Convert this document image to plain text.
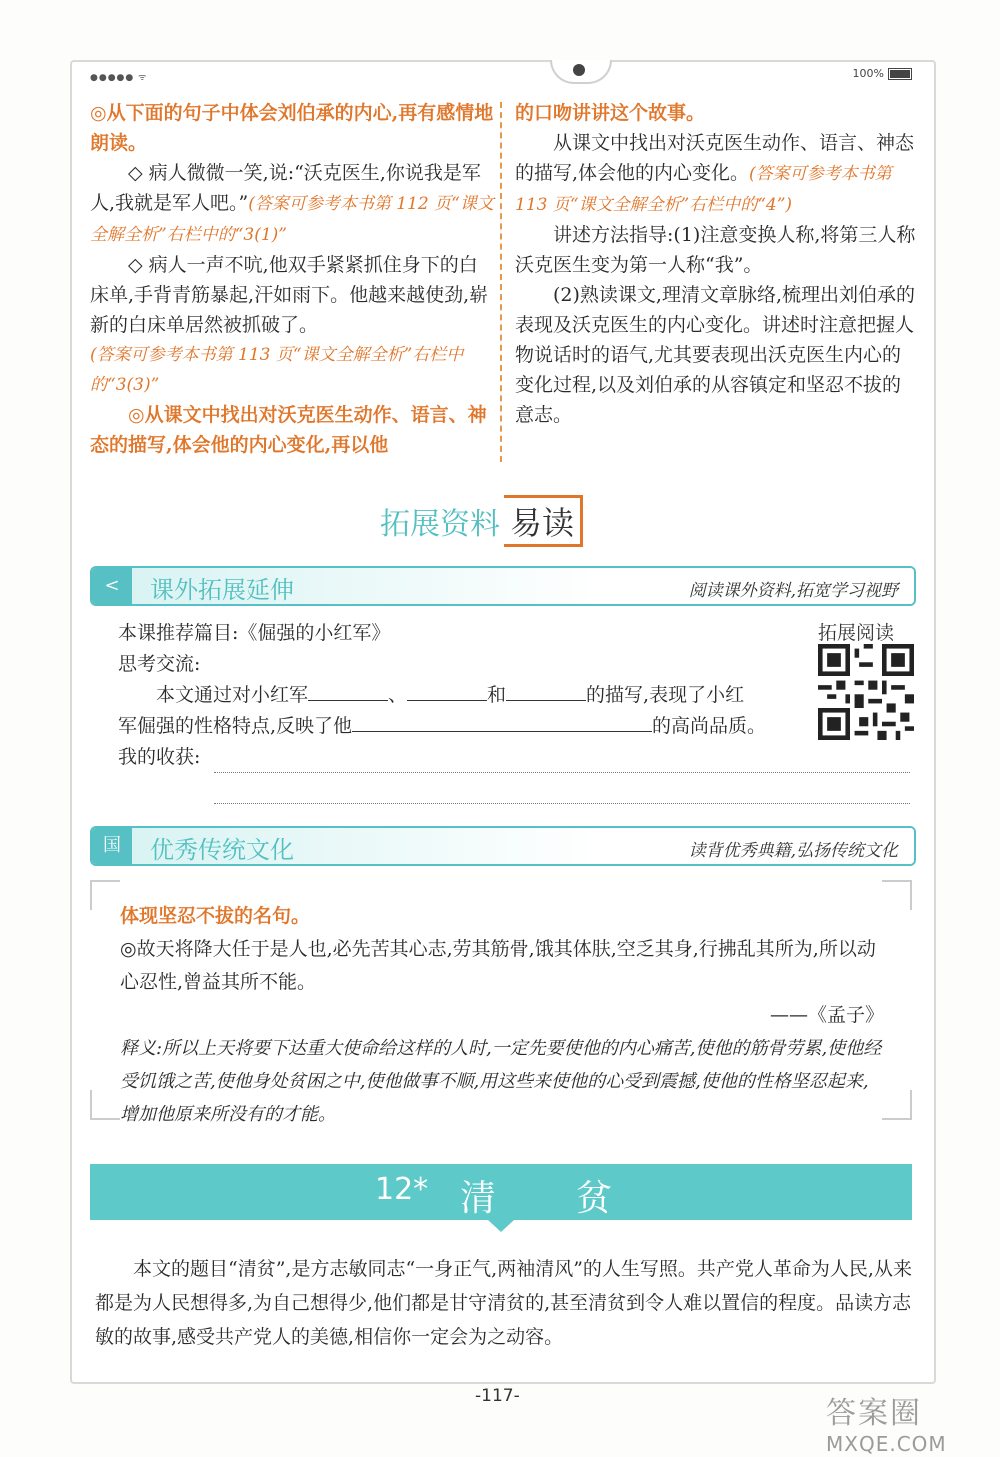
●●●●● ᯤ	100%

◎从下面的句子中体会刘伯承的内心,再有感情地朗读。

◇ 病人微微一笑,说:“沃克医生,你说我是军人,我就是军人吧。”(答案可参考本书第 112 页“课文全解全析”右栏中的“3(1)”

◇ 病人一声不吭,他双手紧紧抓住身下的白床单,手背青筋暴起,汗如雨下。他越来越使劲,崭新的白床单居然被抓破了。

(答案可参考本书第 113 页“课文全解全析”右栏中的“3(3)”

◎从课文中找出对沃克医生动作、语言、神态的描写,体会他的内心变化,再以他

的口吻讲讲这个故事。

从课文中找出对沃克医生动作、语言、神态的描写,体会他的内心变化。(答案可参考本书第 113 页“课文全解全析”右栏中的“4”)

讲述方法指导:(1)注意变换人称,将第三人称沃克医生变为第一人称“我”。

(2)熟读课文,理清文章脉络,梳理出刘伯承的表现及沃克医生的内心变化。讲述时注意把握人物说话时的语气,尤其要表现出沃克医生内心的变化过程,以及刘伯承的从容镇定和坚忍不拔的意志。

拓展资料 易读
<	课外拓展延伸	阅读课外资料,拓宽学习视野
本课推荐篇目:《倔强的小红军》
思考交流:
本文通过对小红军	、	和	的描写,表现了小红
军倔强的性格特点,反映了他	的高尚品质。
我的收获:
拓展阅读
国	优秀传统文化	读背优秀典籍,弘扬传统文化
体现坚忍不拔的名句。
◎故天将降大任于是人也,必先苦其心志,劳其筋骨,饿其体肤,空乏其身,行拂乱其所为,所以动心忍性,曾益其所不能。
——《孟子》
释义:所以上天将要下达重大使命给这样的人时,一定先要使他的内心痛苦,使他的筋骨劳累,使他经受饥饿之苦,使他身处贫困之中,使他做事不顺,用这些来使他的心受到震撼,使他的性格坚忍起来,增加他原来所没有的才能。
12* 清贫
本文的题目“清贫”,是方志敏同志“一身正气,两袖清风”的人生写照。共产党人革命为人民,从来都是为人民想得多,为自己想得少,他们都是甘守清贫的,甚至清贫到令人难以置信的程度。品读方志敏的故事,感受共产党人的美德,相信你一定会为之动容。
-117-	答案圈
MXQE.COM
